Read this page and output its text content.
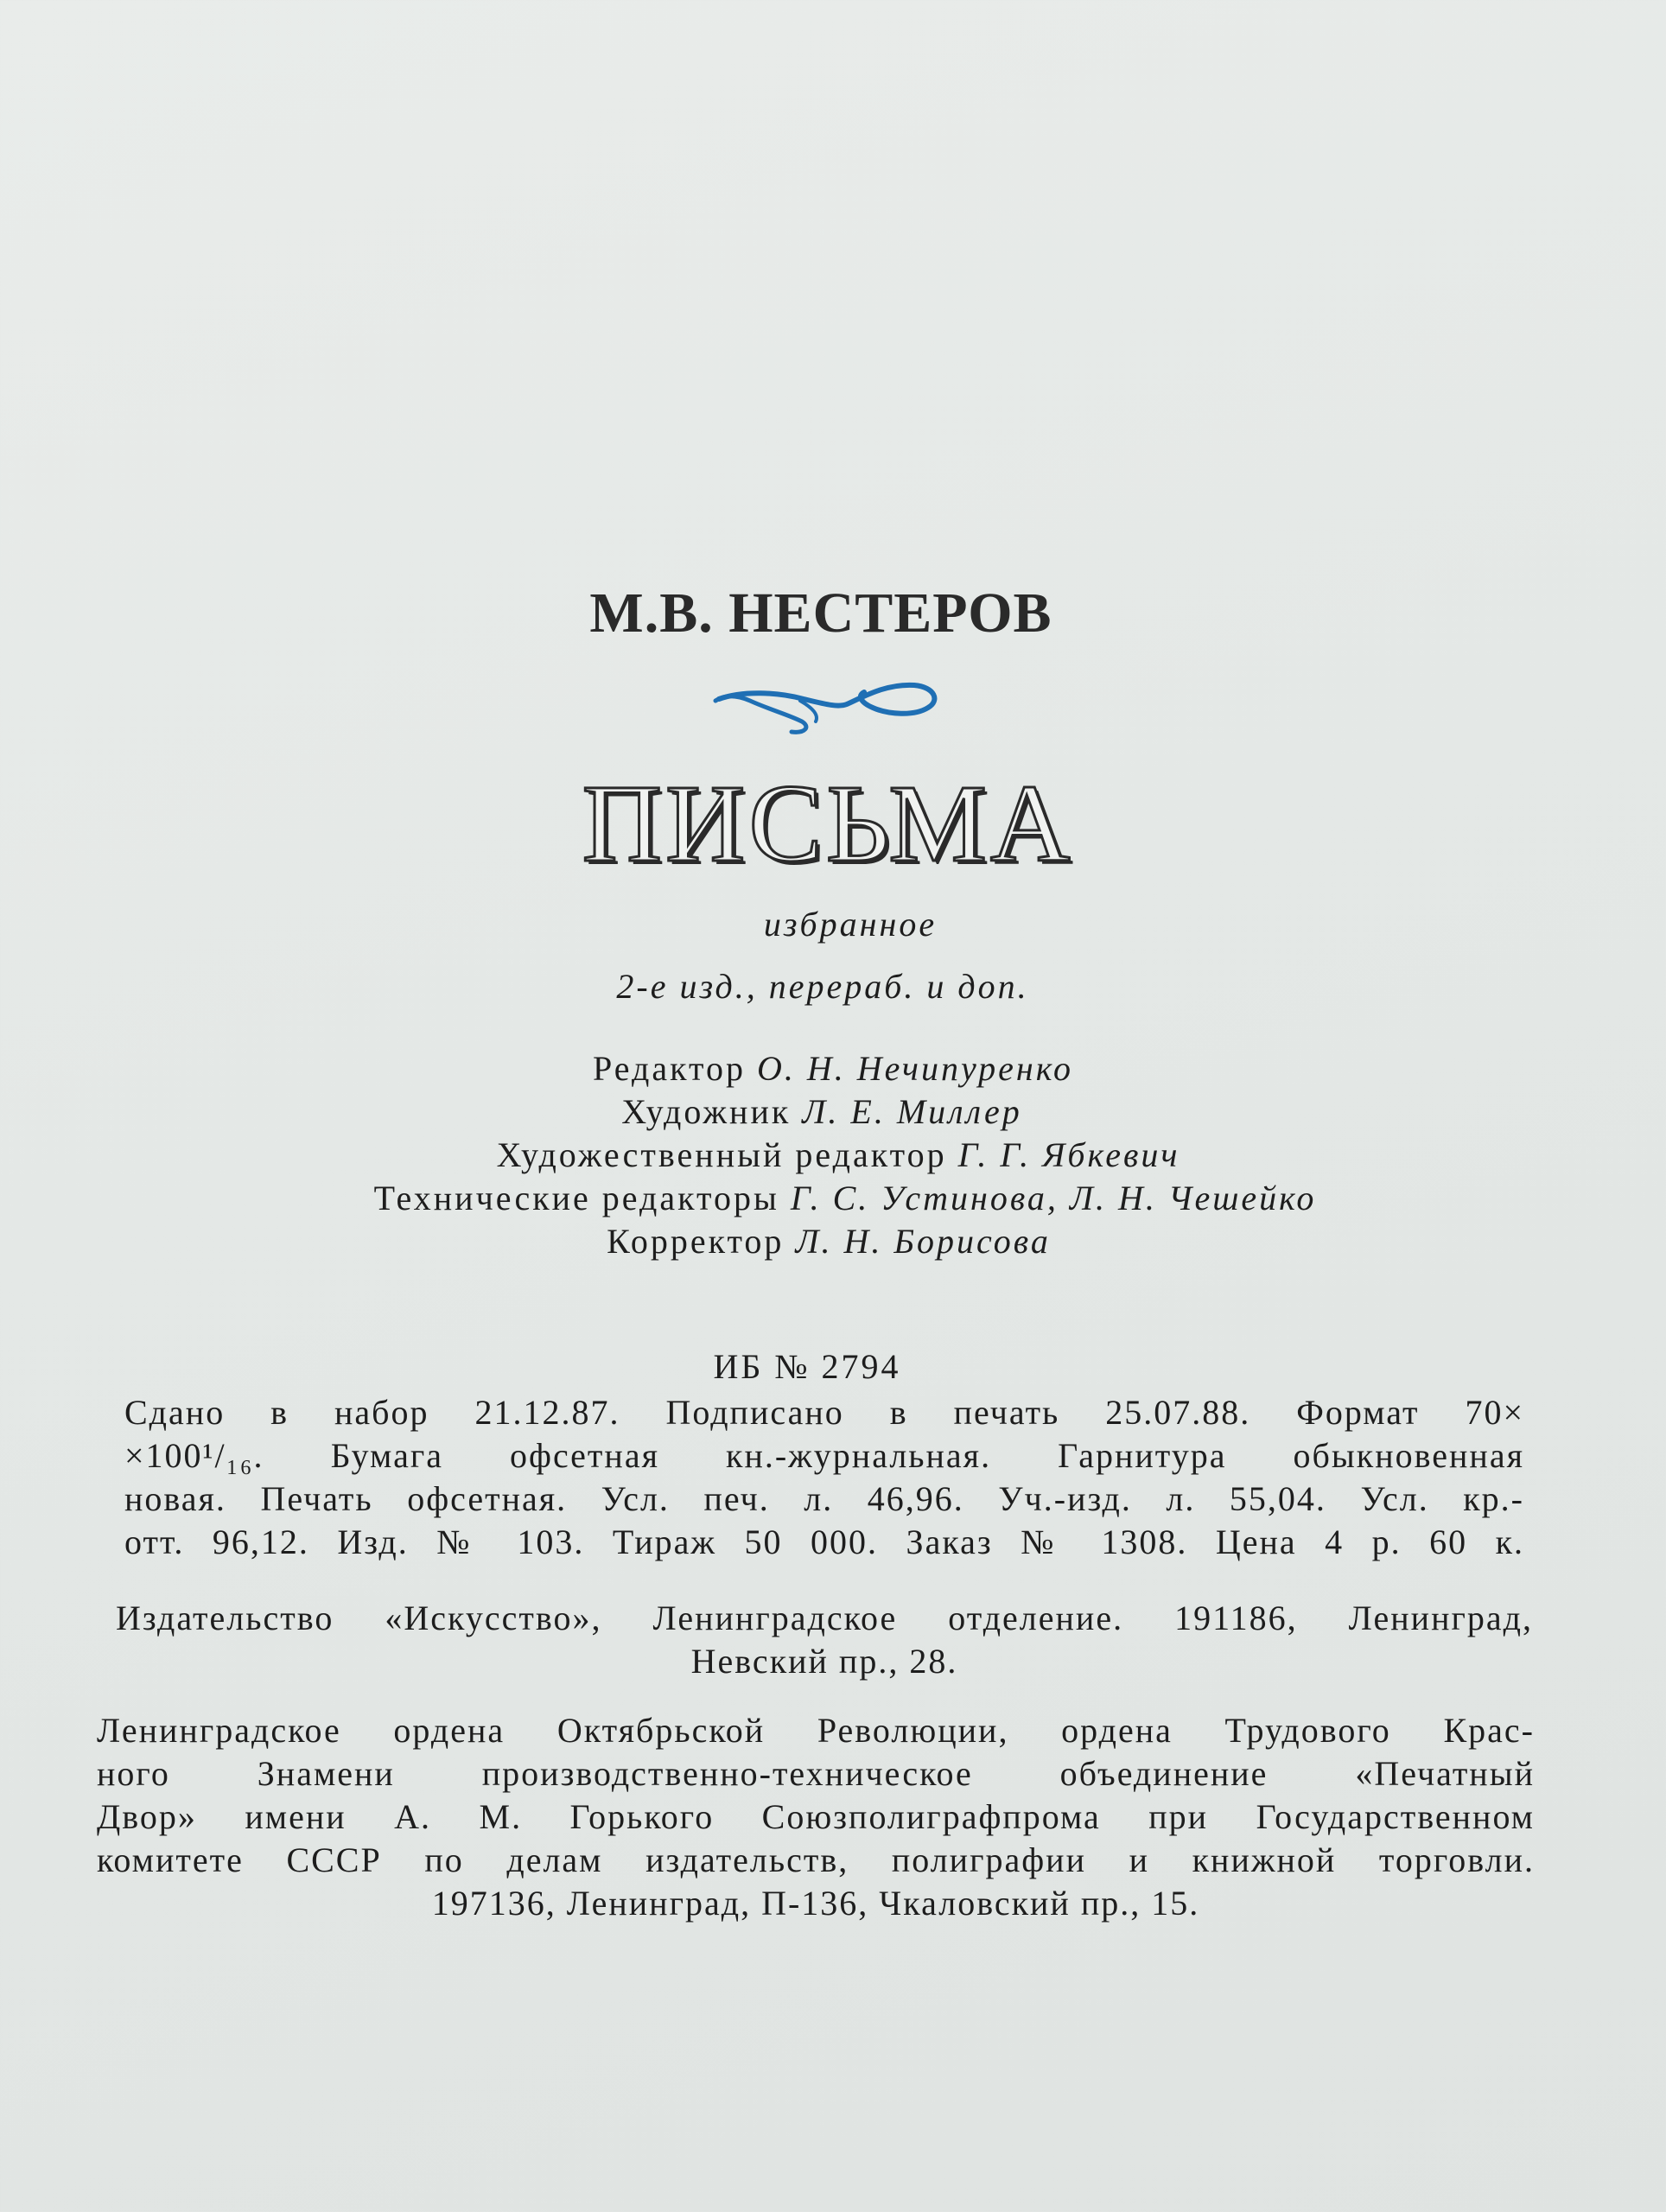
М.В. НЕСТЕРОВ
ПИСЬМА
избранное
2-е изд., перераб. и доп.
Редактор О. Н. Нечипуренко
Художник Л. Е. Миллер
Художественный редактор Г. Г. Ябкевич
Технические редакторы Г. С. Устинова, Л. Н. Чешейко
Корректор Л. Н. Борисова
ИБ № 2794
Сдано в набор 21.12.87. Подписано в печать 25.07.88. Формат 70×
×100¹/₁₆. Бумага офсетная кн.-журнальная. Гарнитура обыкновенная
новая. Печать офсетная. Усл. печ. л. 46,96. Уч.-изд. л. 55,04. Усл. кр.-
отт. 96,12. Изд. № 103. Тираж 50 000. Заказ № 1308. Цена 4 р. 60 к.
Издательство «Искусство», Ленинградское отделение. 191186, Ленинград,
Невский пр., 28.
Ленинградское ордена Октябрьской Революции, ордена Трудового Крас-
ного Знамени производственно-техническое объединение «Печатный
Двор» имени А. М. Горького Союзполиграфпрома при Государственном
комитете СССР по делам издательств, полиграфии и книжной торговли.
197136, Ленинград, П-136, Чкаловский пр., 15.
